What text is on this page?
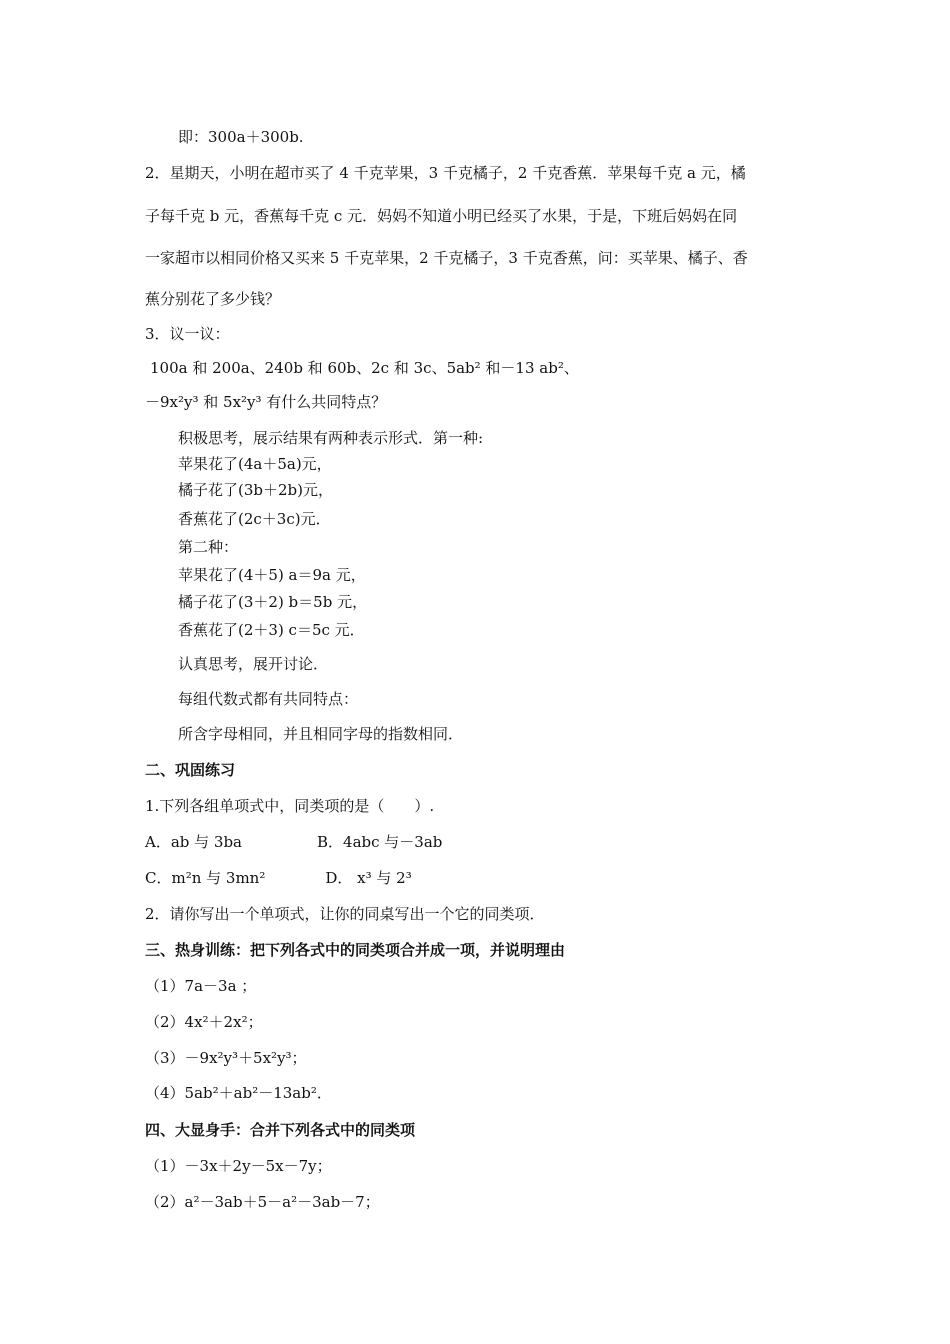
即：300a＋300b.
2．星期天，小明在超市买了 4 千克苹果，3 千克橘子，2 千克香蕉．苹果每千克 a 元，橘
子每千克 b 元，香蕉每千克 c 元．妈妈不知道小明已经买了水果，于是，下班后妈妈在同
一家超市以相同价格又买来 5 千克苹果，2 千克橘子，3 千克香蕉，问：买苹果、橘子、香
蕉分别花了多少钱？
3．议一议：
100a 和 200a、240b 和 60b、2c 和 3c、5ab² 和－13 ab²、
－9x²y³ 和 5x²y³ 有什么共同特点？
积极思考，展示结果有两种表示形式．第一种:
苹果花了(4a＋5a)元，
橘子花了(3b＋2b)元，
香蕉花了(2c＋3c)元．
第二种：
苹果花了(4＋5) a＝9a 元，
橘子花了(3＋2) b＝5b 元，
香蕉花了(2＋3) c＝5c 元．
认真思考，展开讨论．
每组代数式都有共同特点：
所含字母相同，并且相同字母的指数相同．
二、巩固练习
1.下列各组单项式中，同类项的是（　　）.
A．ab 与 3ba　　　　　B．4abc 与－3ab
C．m²n 与 3mn²　　　　D． x³ 与 2³
2．请你写出一个单项式，让你的同桌写出一个它的同类项．
三、热身训练：把下列各式中的同类项合并成一项，并说明理由
（1）7a－3a ；
（2）4x²＋2x²；
（3）－9x²y³＋5x²y³；
（4）5ab²＋ab²－13ab²．
四、大显身手：合并下列各式中的同类项
（1）－3x＋2y－5x－7y；
（2）a²－3ab＋5－a²－3ab－7；
